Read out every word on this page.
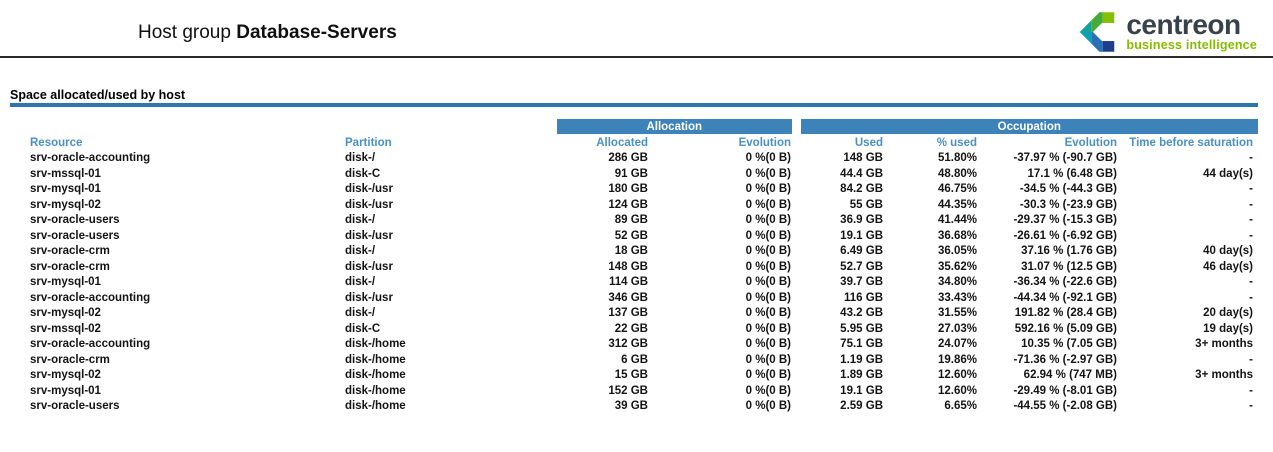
Host group Database-Servers	centreon
business intelligence
Space allocated/used by host
		Allocation		Occupation			
Resource	Partition	Allocated	Evolution	Used	% used	Evolution	Time before saturation
srv-oracle-accounting	disk-/	286 GB	0 %(0 B)	148 GB	51.80%	-37.97 % (-90.7 GB)	-
srv-mssql-01	disk-C	91 GB	0 %(0 B)	44.4 GB	48.80%	17.1 % (6.48 GB)	44 day(s)
srv-mysql-01	disk-/usr	180 GB	0 %(0 B)	84.2 GB	46.75%	-34.5 % (-44.3 GB)	-
srv-mysql-02	disk-/usr	124 GB	0 %(0 B)	55 GB	44.35%	-30.3 % (-23.9 GB)	-
srv-oracle-users	disk-/	89 GB	0 %(0 B)	36.9 GB	41.44%	-29.37 % (-15.3 GB)	-
srv-oracle-users	disk-/usr	52 GB	0 %(0 B)	19.1 GB	36.68%	-26.61 % (-6.92 GB)	-
srv-oracle-crm	disk-/	18 GB	0 %(0 B)	6.49 GB	36.05%	37.16 % (1.76 GB)	40 day(s)
srv-oracle-crm	disk-/usr	148 GB	0 %(0 B)	52.7 GB	35.62%	31.07 % (12.5 GB)	46 day(s)
srv-mysql-01	disk-/	114 GB	0 %(0 B)	39.7 GB	34.80%	-36.34 % (-22.6 GB)	-
srv-oracle-accounting	disk-/usr	346 GB	0 %(0 B)	116 GB	33.43%	-44.34 % (-92.1 GB)	-
srv-mysql-02	disk-/	137 GB	0 %(0 B)	43.2 GB	31.55%	191.82 % (28.4 GB)	20 day(s)
srv-mssql-02	disk-C	22 GB	0 %(0 B)	5.95 GB	27.03%	592.16 % (5.09 GB)	19 day(s)
srv-oracle-accounting	disk-/home	312 GB	0 %(0 B)	75.1 GB	24.07%	10.35 % (7.05 GB)	3+ months
srv-oracle-crm	disk-/home	6 GB	0 %(0 B)	1.19 GB	19.86%	-71.36 % (-2.97 GB)	-
srv-mysql-02	disk-/home	15 GB	0 %(0 B)	1.89 GB	12.60%	62.94 % (747 MB)	3+ months
srv-mysql-01	disk-/home	152 GB	0 %(0 B)	19.1 GB	12.60%	-29.49 % (-8.01 GB)	-
srv-oracle-users	disk-/home	39 GB	0 %(0 B)	2.59 GB	6.65%	-44.55 % (-2.08 GB)	-
